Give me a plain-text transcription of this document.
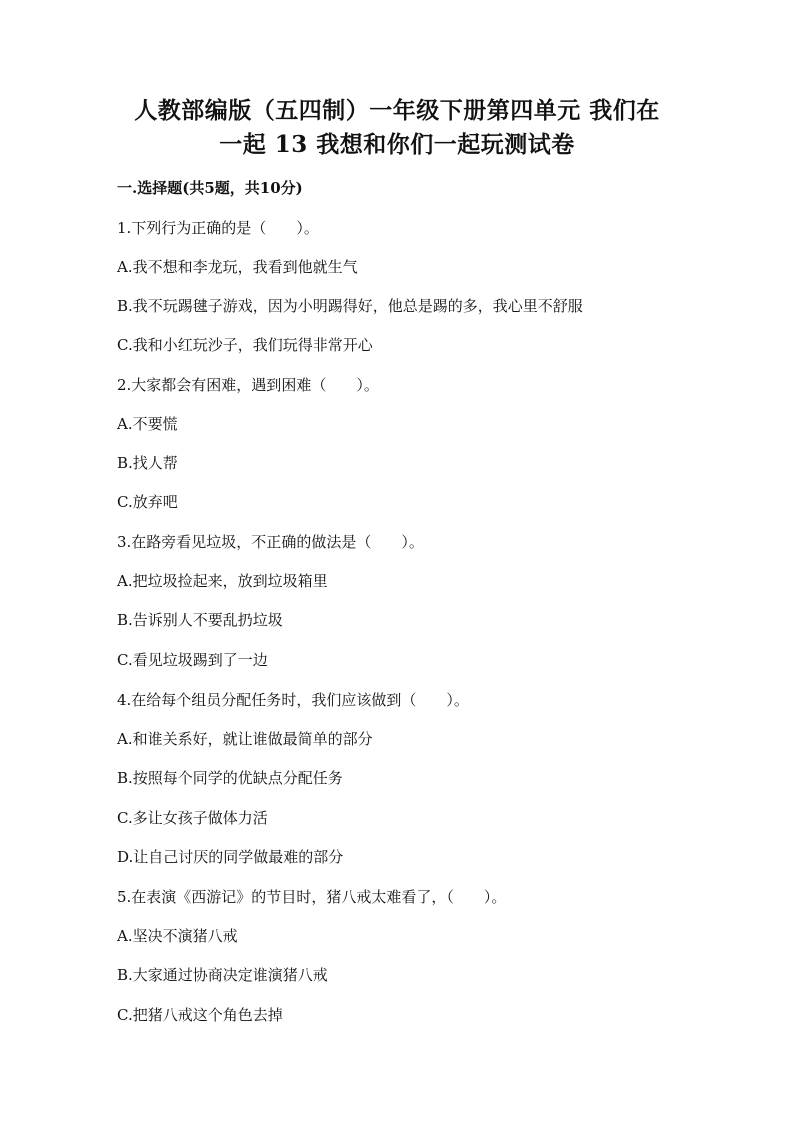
人教部编版（五四制）一年级下册第四单元 我们在
一起 13 我想和你们一起玩测试卷
一.选择题(共5题，共10分)
1.下列行为正确的是（　　）。
A.我不想和李龙玩，我看到他就生气
B.我不玩踢毽子游戏，因为小明踢得好，他总是踢的多，我心里不舒服
C.我和小红玩沙子，我们玩得非常开心
2.大家都会有困难，遇到困难（　　）。
A.不要慌
B.找人帮
C.放弃吧
3.在路旁看见垃圾，不正确的做法是（　　）。
A.把垃圾捡起来，放到垃圾箱里
B.告诉别人不要乱扔垃圾
C.看见垃圾踢到了一边
4.在给每个组员分配任务时，我们应该做到（　　）。
A.和谁关系好，就让谁做最简单的部分
B.按照每个同学的优缺点分配任务
C.多让女孩子做体力活
D.让自己讨厌的同学做最难的部分
5.在表演《西游记》的节目时，猪八戒太难看了，（　　）。
A.坚决不演猪八戒
B.大家通过协商决定谁演猪八戒
C.把猪八戒这个角色去掉
